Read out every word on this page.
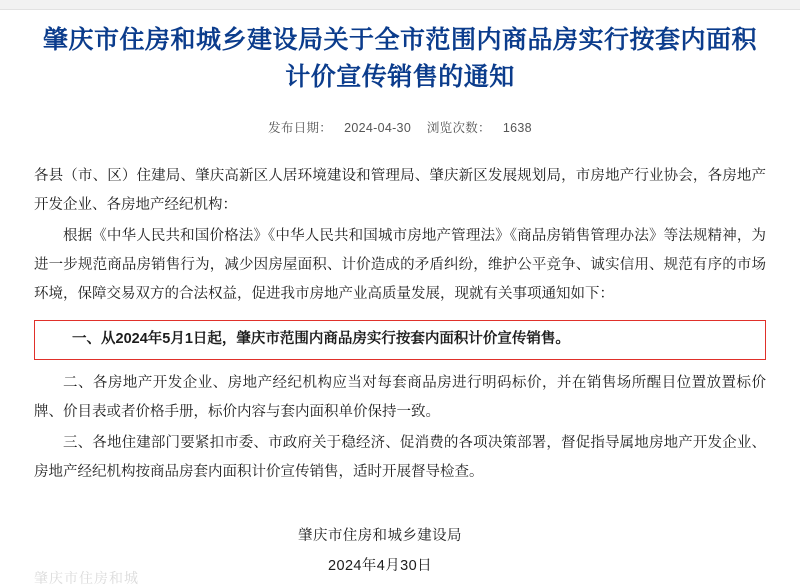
肇庆市住房和城乡建设局关于全市范围内商品房实行按套内面积计价宣传销售的通知
发布日期： 2024-04-30 浏览次数： 1638

各县（市、区）住建局、肇庆高新区人居环境建设和管理局、肇庆新区发展规划局，市房地产行业协会，各房地产开发企业、各房地产经纪机构：

根据《中华人民共和国价格法》《中华人民共和国城市房地产管理法》《商品房销售管理办法》等法规精神，为进一步规范商品房销售行为，减少因房屋面积、计价造成的矛盾纠纷，维护公平竞争、诚实信用、规范有序的市场环境，保障交易双方的合法权益，促进我市房地产业高质量发展，现就有关事项通知如下：

一、从2024年5月1日起，肇庆市范围内商品房实行按套内面积计价宣传销售。

二、各房地产开发企业、房地产经纪机构应当对每套商品房进行明码标价，并在销售场所醒目位置放置标价牌、价目表或者价格手册，标价内容与套内面积单价保持一致。

三、各地住建部门要紧扣市委、市政府关于稳经济、促消费的各项决策部署，督促指导属地房地产开发企业、房地产经纪机构按商品房套内面积计价宣传销售，适时开展督导检查。

肇庆市住房和城乡建设局
2024年4月30日
肇庆市住房和城
